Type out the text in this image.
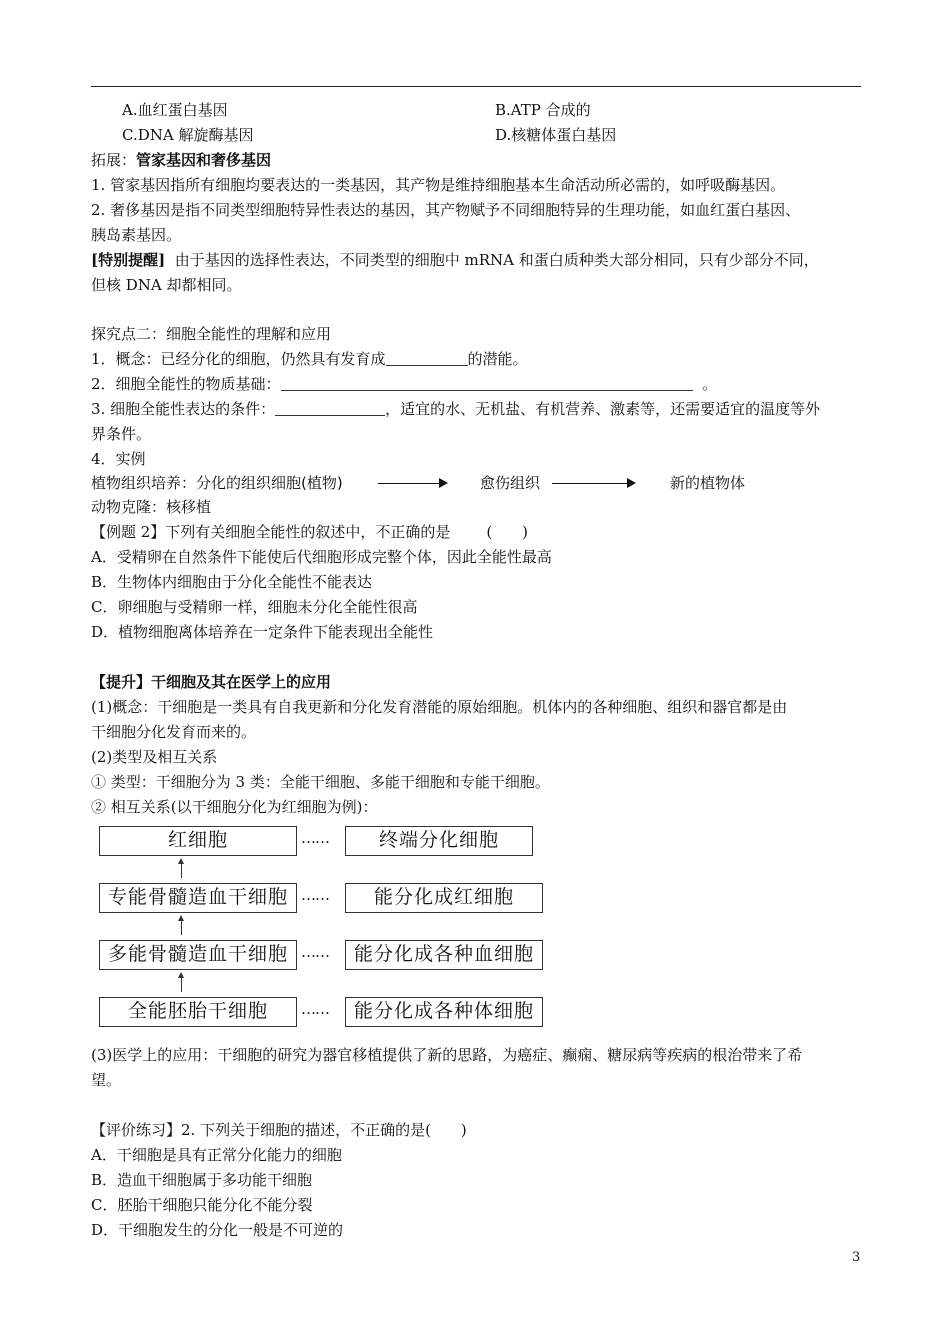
A.血红蛋白基因	B.ATP 合成的
C.DNA 解旋酶基因	D.核糖体蛋白基因
拓展：管家基因和奢侈基因
1. 管家基因指所有细胞均要表达的一类基因，其产物是维持细胞基本生命活动所必需的，如呼吸酶基因。
2. 奢侈基因是指不同类型细胞特异性表达的基因，其产物赋予不同细胞特异的生理功能，如血红蛋白基因、
胰岛素基因。
[特别提醒] 由于基因的选择性表达，不同类型的细胞中 mRNA 和蛋白质种类大部分相同，只有少部分不同，
但核 DNA 却都相同。
探究点二：细胞全能性的理解和应用
1．概念：已经分化的细胞，仍然具有发育成	的潜能。
2．细胞全能性的物质基础：	。
3. 细胞全能性表达的条件：	，适宜的水、无机盐、有机营养、激素等，还需要适宜的温度等外
界条件。
4．实例
植物组织培养：分化的组织细胞(植物)	愈伤组织	新的植物体
动物克隆：核移植
【例题 2】下列有关细胞全能性的叙述中，不正确的是 (　　)
A．受精卵在自然条件下能使后代细胞形成完整个体，因此全能性最高
B．生物体内细胞由于分化全能性不能表达
C．卵细胞与受精卵一样，细胞未分化全能性很高
D．植物细胞离体培养在一定条件下能表现出全能性
【提升】干细胞及其在医学上的应用
(1)概念：干细胞是一类具有自我更新和分化发育潜能的原始细胞。机体内的各种细胞、组织和器官都是由
干细胞分化发育而来的。
(2)类型及相互关系
① 类型：干细胞分为 3 类：全能干细胞、多能干细胞和专能干细胞。
② 相互关系(以干细胞分化为红细胞为例)：
红细胞	……	终端分化细胞
专能骨髓造血干细胞 ……	能分化成红细胞
多能骨髓造血干细胞 ……	能分化成各种血细胞
全能胚胎干细胞	……	能分化成各种体细胞
(3)医学上的应用：干细胞的研究为器官移植提供了新的思路，为癌症、癫痫、糖尿病等疾病的根治带来了希
望。
【评价练习】2. 下列关于细胞的描述，不正确的是(　　)
A．干细胞是具有正常分化能力的细胞
B．造血干细胞属于多功能干细胞
C．胚胎干细胞只能分化不能分裂
D．干细胞发生的分化一般是不可逆的
3
